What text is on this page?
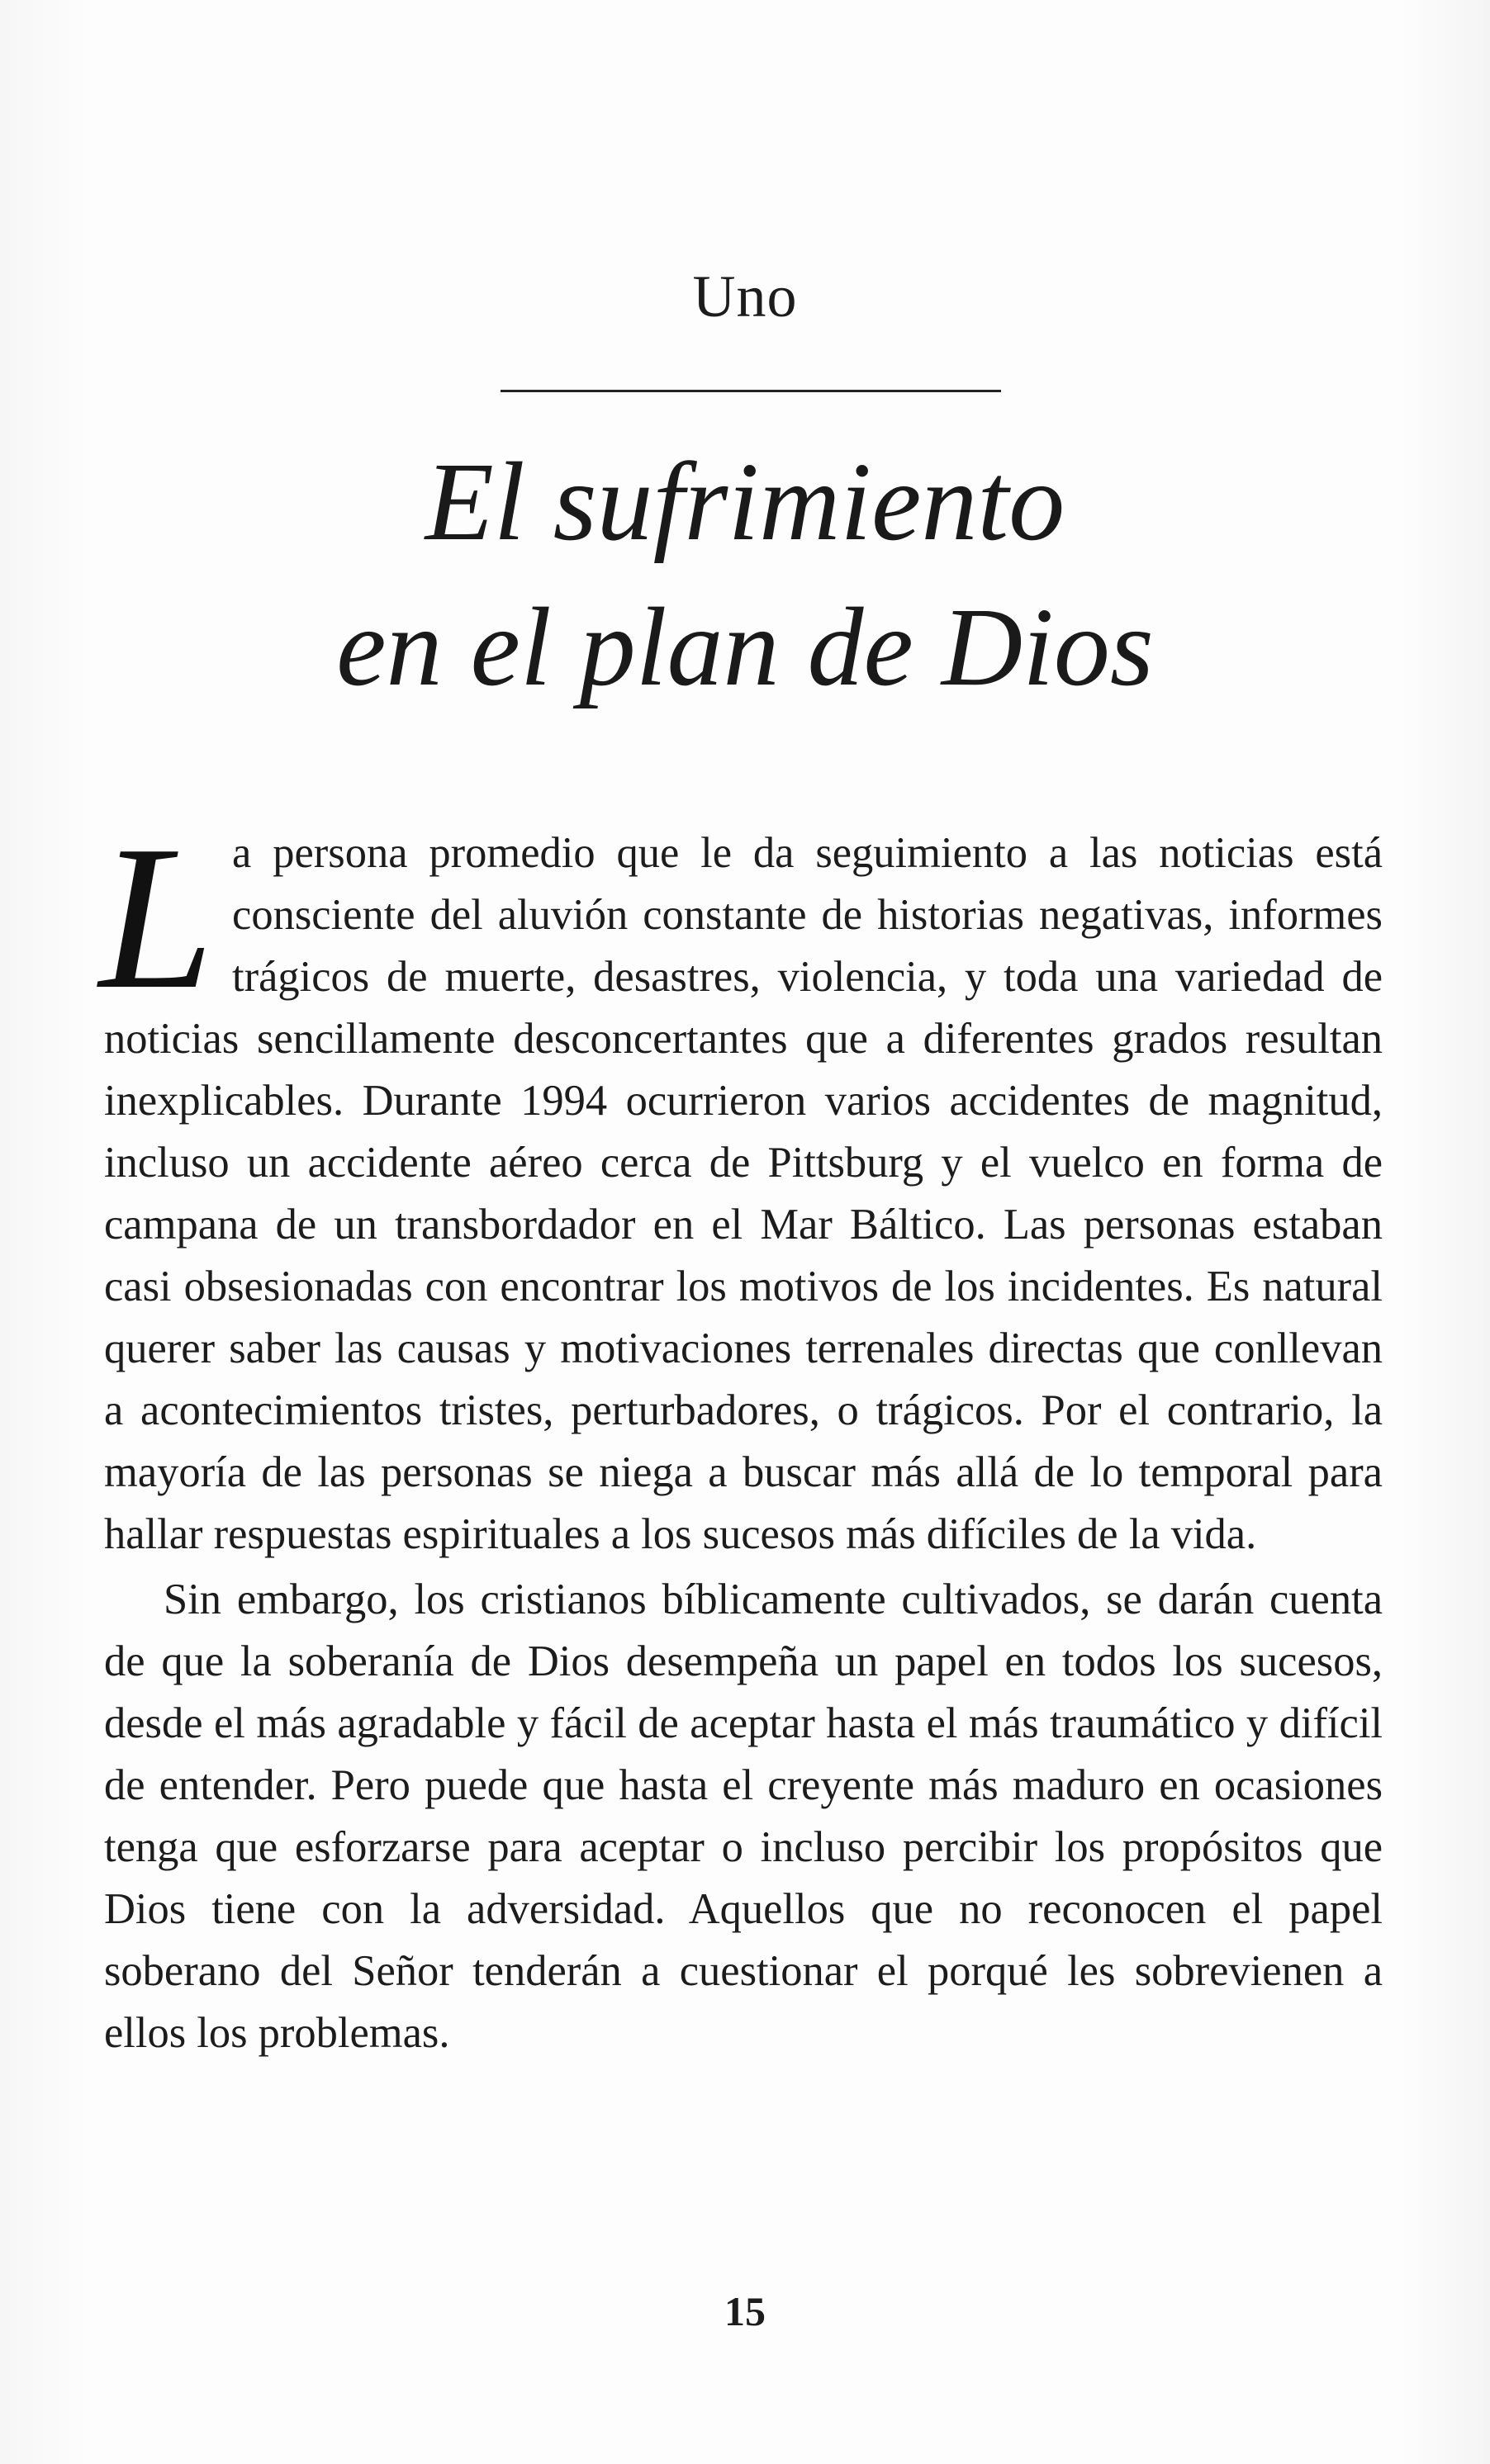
Uno
El sufrimiento
en el plan de Dios

La persona promedio que le da seguimiento a las noticias está consciente del aluvión constante de historias negativas, informes trágicos de muerte, desastres, violencia, y toda una variedad de noticias sencillamente desconcertantes que a diferentes grados resultan inexplicables. Durante 1994 ocurrieron varios accidentes de magnitud, incluso un accidente aéreo cerca de Pittsburg y el vuelco en forma de campana de un transbordador en el Mar Báltico. Las personas estaban casi obsesionadas con encontrar los motivos de los incidentes. Es natural querer saber las causas y motivaciones terrenales directas que conllevan a acontecimientos tristes, perturbadores, o trágicos. Por el contrario, la mayoría de las personas se niega a buscar más allá de lo temporal para hallar respuestas espirituales a los sucesos más difíciles de la vida.

Sin embargo, los cristianos bíblicamente cultivados, se darán cuenta de que la soberanía de Dios desempeña un papel en todos los sucesos, desde el más agradable y fácil de aceptar hasta el más traumático y difícil de entender. Pero puede que hasta el creyente más maduro en ocasiones tenga que esforzarse para aceptar o incluso percibir los propósitos que Dios tiene con la adversidad. Aquellos que no reconocen el papel soberano del Señor tenderán a cuestionar el porqué les sobrevienen a ellos los problemas.

15
